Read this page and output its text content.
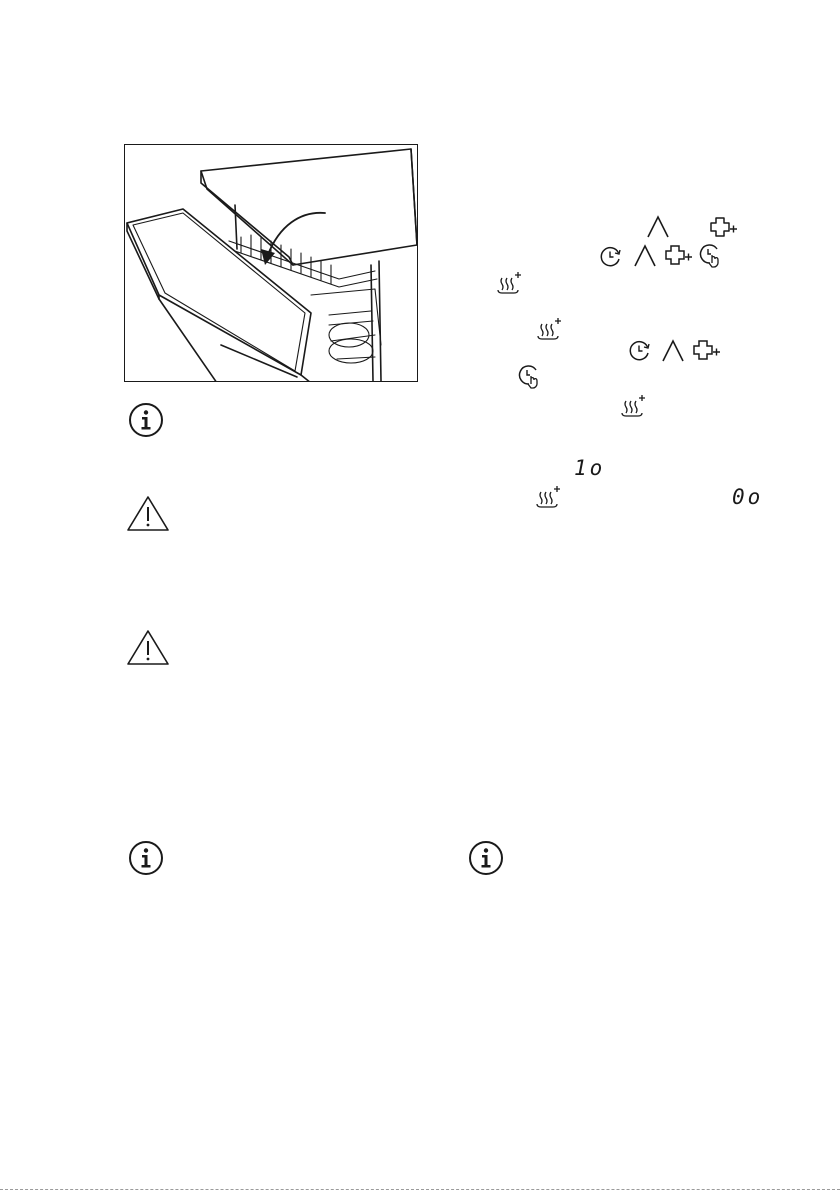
1o
0o
